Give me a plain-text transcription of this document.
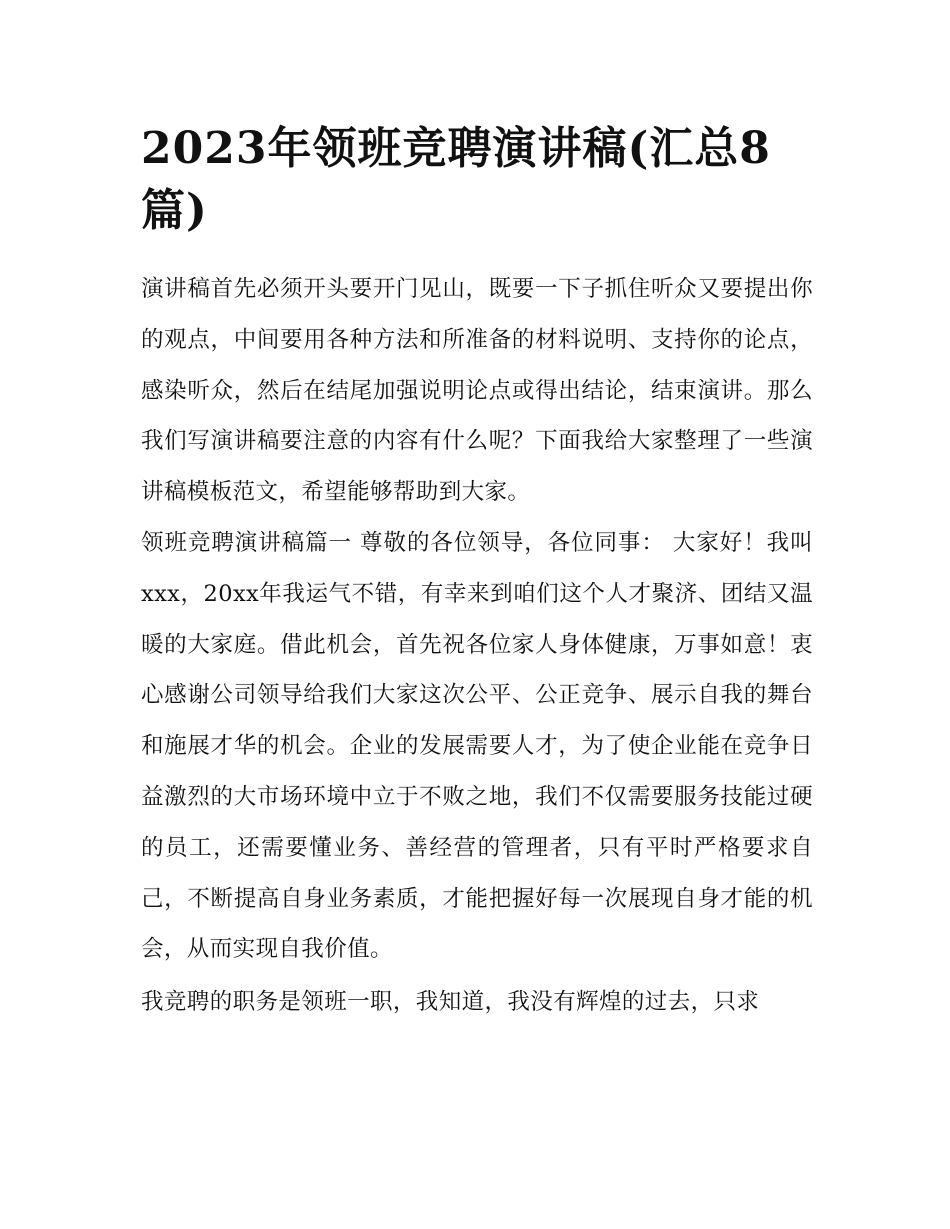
2023年领班竞聘演讲稿(汇总8篇)

演讲稿首先必须开头要开门见山，既要一下子抓住听众又要提出你的观点，中间要用各种方法和所准备的材料说明、支持你的论点，感染听众，然后在结尾加强说明论点或得出结论，结束演讲。那么我们写演讲稿要注意的内容有什么呢？下面我给大家整理了一些演讲稿模板范文，希望能够帮助到大家。

领班竞聘演讲稿篇一 尊敬的各位领导，各位同事： 大家好！我叫xxx，20xx年我运气不错，有幸来到咱们这个人才聚济、团结又温暖的大家庭。借此机会，首先祝各位家人身体健康，万事如意！衷心感谢公司领导给我们大家这次公平、公正竞争、展示自我的舞台和施展才华的机会。企业的发展需要人才，为了使企业能在竞争日益激烈的大市场环境中立于不败之地，我们不仅需要服务技能过硬的员工，还需要懂业务、善经营的管理者，只有平时严格要求自己，不断提高自身业务素质，才能把握好每一次展现自身才能的机会，从而实现自我价值。

我竞聘的职务是领班一职，我知道，我没有辉煌的过去，只求
